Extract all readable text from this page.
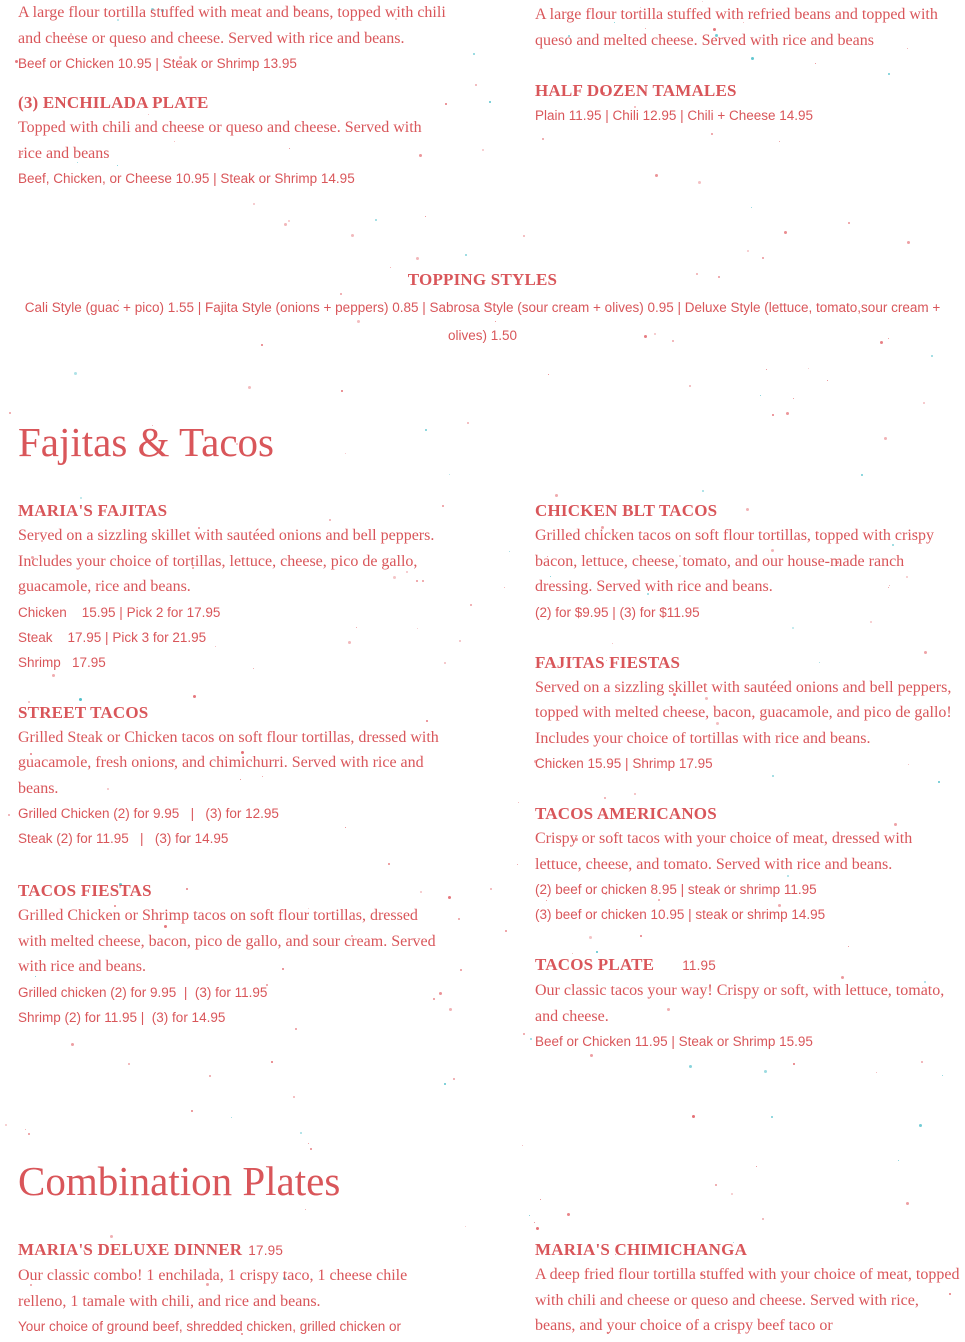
A large flour tortilla stuffed with meat and beans, topped with chili and cheese or queso and cheese. Served with rice and beans.

Beef or Chicken 10.95 | Steak or Shrimp 13.95

(3) ENCHILADA PLATE

Topped with chili and cheese or queso and cheese. Served with rice and beans

Beef, Chicken, or Cheese 10.95 | Steak or Shrimp 14.95

A large flour tortilla stuffed with refried beans and topped with queso and melted cheese. Served with rice and beans

HALF DOZEN TAMALES

Plain 11.95 | Chili 12.95 | Chili + Cheese 14.95

TOPPING STYLES

Cali Style (guac + pico) 1.55 | Fajita Style (onions + peppers) 0.85 | Sabrosa Style (sour cream + olives) 0.95 | Deluxe Style (lettuce, tomato,sour cream +

olives) 1.50

Fajitas & Tacos
MARIA'S FAJITAS

Served on a sizzling skillet with sautéed onions and bell peppers. Includes your choice of tortillas, lettuce, cheese, pico de gallo, guacamole, rice and beans.

Chicken    15.95 | Pick 2 for 17.95

Steak    17.95 | Pick 3 for 21.95

Shrimp   17.95

STREET TACOS

Grilled Steak or Chicken tacos on soft flour tortillas, dressed with guacamole, fresh onions, and chimichurri. Served with rice and beans.

Grilled Chicken (2) for 9.95   |   (3) for 12.95

Steak (2) for 11.95   |   (3) for 14.95

TACOS FIESTAS

Grilled Chicken or Shrimp tacos on soft flour tortillas, dressed with melted cheese, bacon, pico de gallo, and sour cream. Served with rice and beans.

Grilled chicken (2) for 9.95  |  (3) for 11.95

Shrimp (2) for 11.95 |  (3) for 14.95

CHICKEN BLT TACOS

Grilled chicken tacos on soft flour tortillas, topped with crispy bacon, lettuce, cheese, tomato, and our house-made ranch dressing. Served with rice and beans.

(2) for $9.95 | (3) for $11.95

FAJITAS FIESTAS

Served on a sizzling skillet with sautéed onions and bell peppers, topped with melted cheese, bacon, guacamole, and pico de gallo! Includes your choice of tortillas with rice and beans.

Chicken 15.95 | Shrimp 17.95

TACOS AMERICANOS

Crispy or soft tacos with your choice of meat, dressed with lettuce, cheese, and tomato. Served with rice and beans.

(2) beef or chicken 8.95 | steak or shrimp 11.95

(3) beef or chicken 10.95 | steak or shrimp 14.95

TACOS PLATE 11.95

Our classic tacos your way! Crispy or soft, with lettuce, tomato, and cheese.

Beef or Chicken 11.95 | Steak or Shrimp 15.95

Combination Plates
MARIA'S DELUXE DINNER 17.95

Our classic combo! 1 enchilada, 1 crispy taco, 1 cheese chile relleno, 1 tamale with chili, and rice and beans.

Your choice of ground beef, shredded chicken, grilled chicken or

MARIA'S CHIMICHANGA

A deep fried flour tortilla stuffed with your choice of meat, topped with chili and cheese or queso and cheese. Served with rice, beans, and your choice of a crispy beef taco or
